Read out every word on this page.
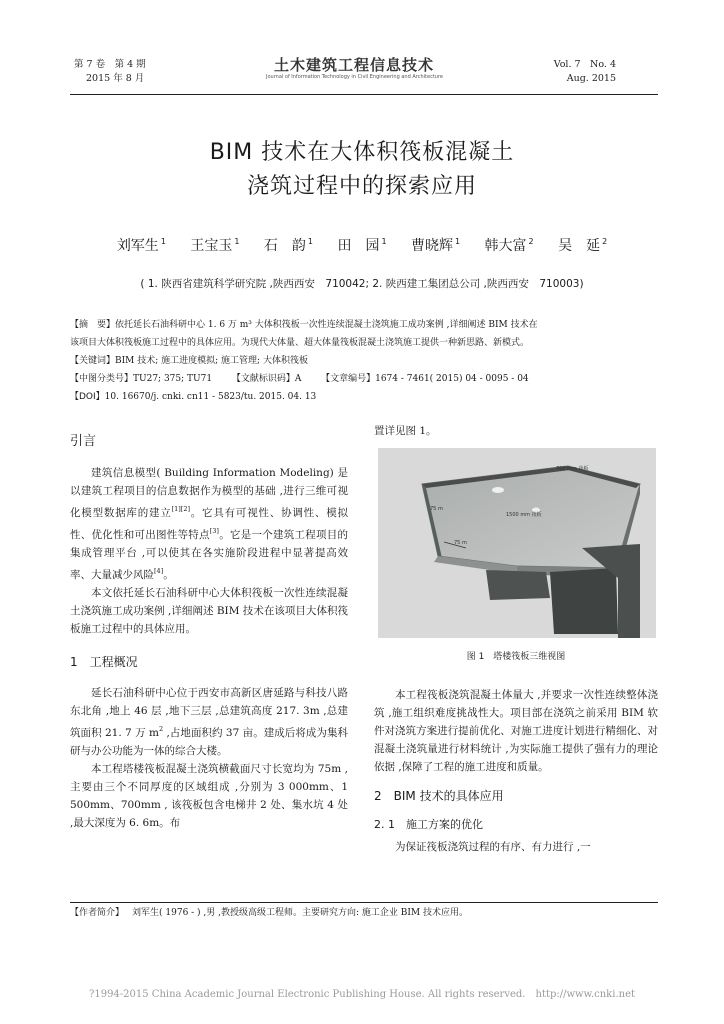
第 7 卷　第 4 期
2015 年 8 月
土木建筑工程信息技术
Journal of Information Technology in Civil Engineering and Architecture
Vol. 7　No. 4
Aug. 2015
BIM 技术在大体积筏板混凝土
浇筑过程中的探索应用
刘军生 $^1$ 王宝玉 $^1$ 石　韵 $^1$ 田　园 $^1$ 曹晓辉 $^1$ 韩大富 $^2$ 吴　延 $^2$
( 1. 陕西省建筑科学研究院 ,陕西西安　710042; 2. 陕西建工集团总公司 ,陕西西安　710003)
【摘　要】依托延长石油科研中心 1. 6 万 m³ 大体积筏板一次性连续混凝土浇筑施工成功案例 ,详细阐述 BIM 技术在
该项目大体积筏板施工过程中的具体应用。为现代大体量、超大体量筏板混凝土浇筑施工提供一种新思路、新模式。
【关键词】BIM 技术; 施工进度模拟; 施工管理; 大体积筏板
【中图分类号】TU27; 375; TU71 【文献标识码】A 【文章编号】1674 - 7461( 2015) 04 - 0095 - 04
【DOI】10. 16670/j. cnki. cn11 - 5823/tu. 2015. 04. 13
引言

建筑信息模型( Building Information Modeling) 是以建筑工程项目的信息数据作为模型的基础 ,进行三维可视化模型数据库的建立[1][2]。它具有可视性、协调性、模拟性、优化性和可出图性等特点[3]。它是一个建筑工程项目的集成管理平台 ,可以使其在各实施阶段进程中显著提高效率、大量减少风险[4]。

本文依托延长石油科研中心大体积筏板一次性连续混凝土浇筑施工成功案例 ,详细阐述 BIM 技术在该项目大体积筏板施工过程中的具体应用。

1　工程概况

延长石油科研中心位于西安市高新区唐延路与科技八路东北角 ,地上 46 层 ,地下三层 ,总建筑高度 217. 3m ,总建筑面积 21. 7 万 $m^2$ ,占地面积约 37 亩。建成后将成为集科研与办公功能为一体的综合大楼。

本工程塔楼筏板混凝土浇筑横截面尺寸长宽均为 75m ,主要由三个不同厚度的区域组成 ,分别为 3 000mm、1 500mm、700mm , 该筏板包含电梯井 2 处、集水坑 4 处 ,最大深度为 6. 6m。布

置详见图 1。

700 mm 筏板
1500 mm 筏板
75 m
75 m
图 1　塔楼筏板三维视图

本工程筏板浇筑混凝土体量大 ,并要求一次性连续整体浇筑 ,施工组织难度挑战性大。项目部在浇筑之前采用 BIM 软件对浇筑方案进行提前优化、对施工进度计划进行精细化、对混凝土浇筑量进行材料统计 ,为实际施工提供了强有力的理论依据 ,保障了工程的施工进度和质量。

2　BIM 技术的具体应用
2. 1　施工方案的优化

为保证筏板浇筑过程的有序、有力进行 ,一

【作者简介】 刘军生( 1976 - ) ,男 ,教授级高级工程师。主要研究方向: 施工企业 BIM 技术应用。
?1994-2015 China Academic Journal Electronic Publishing House. All rights reserved.　http://www.cnki.net
